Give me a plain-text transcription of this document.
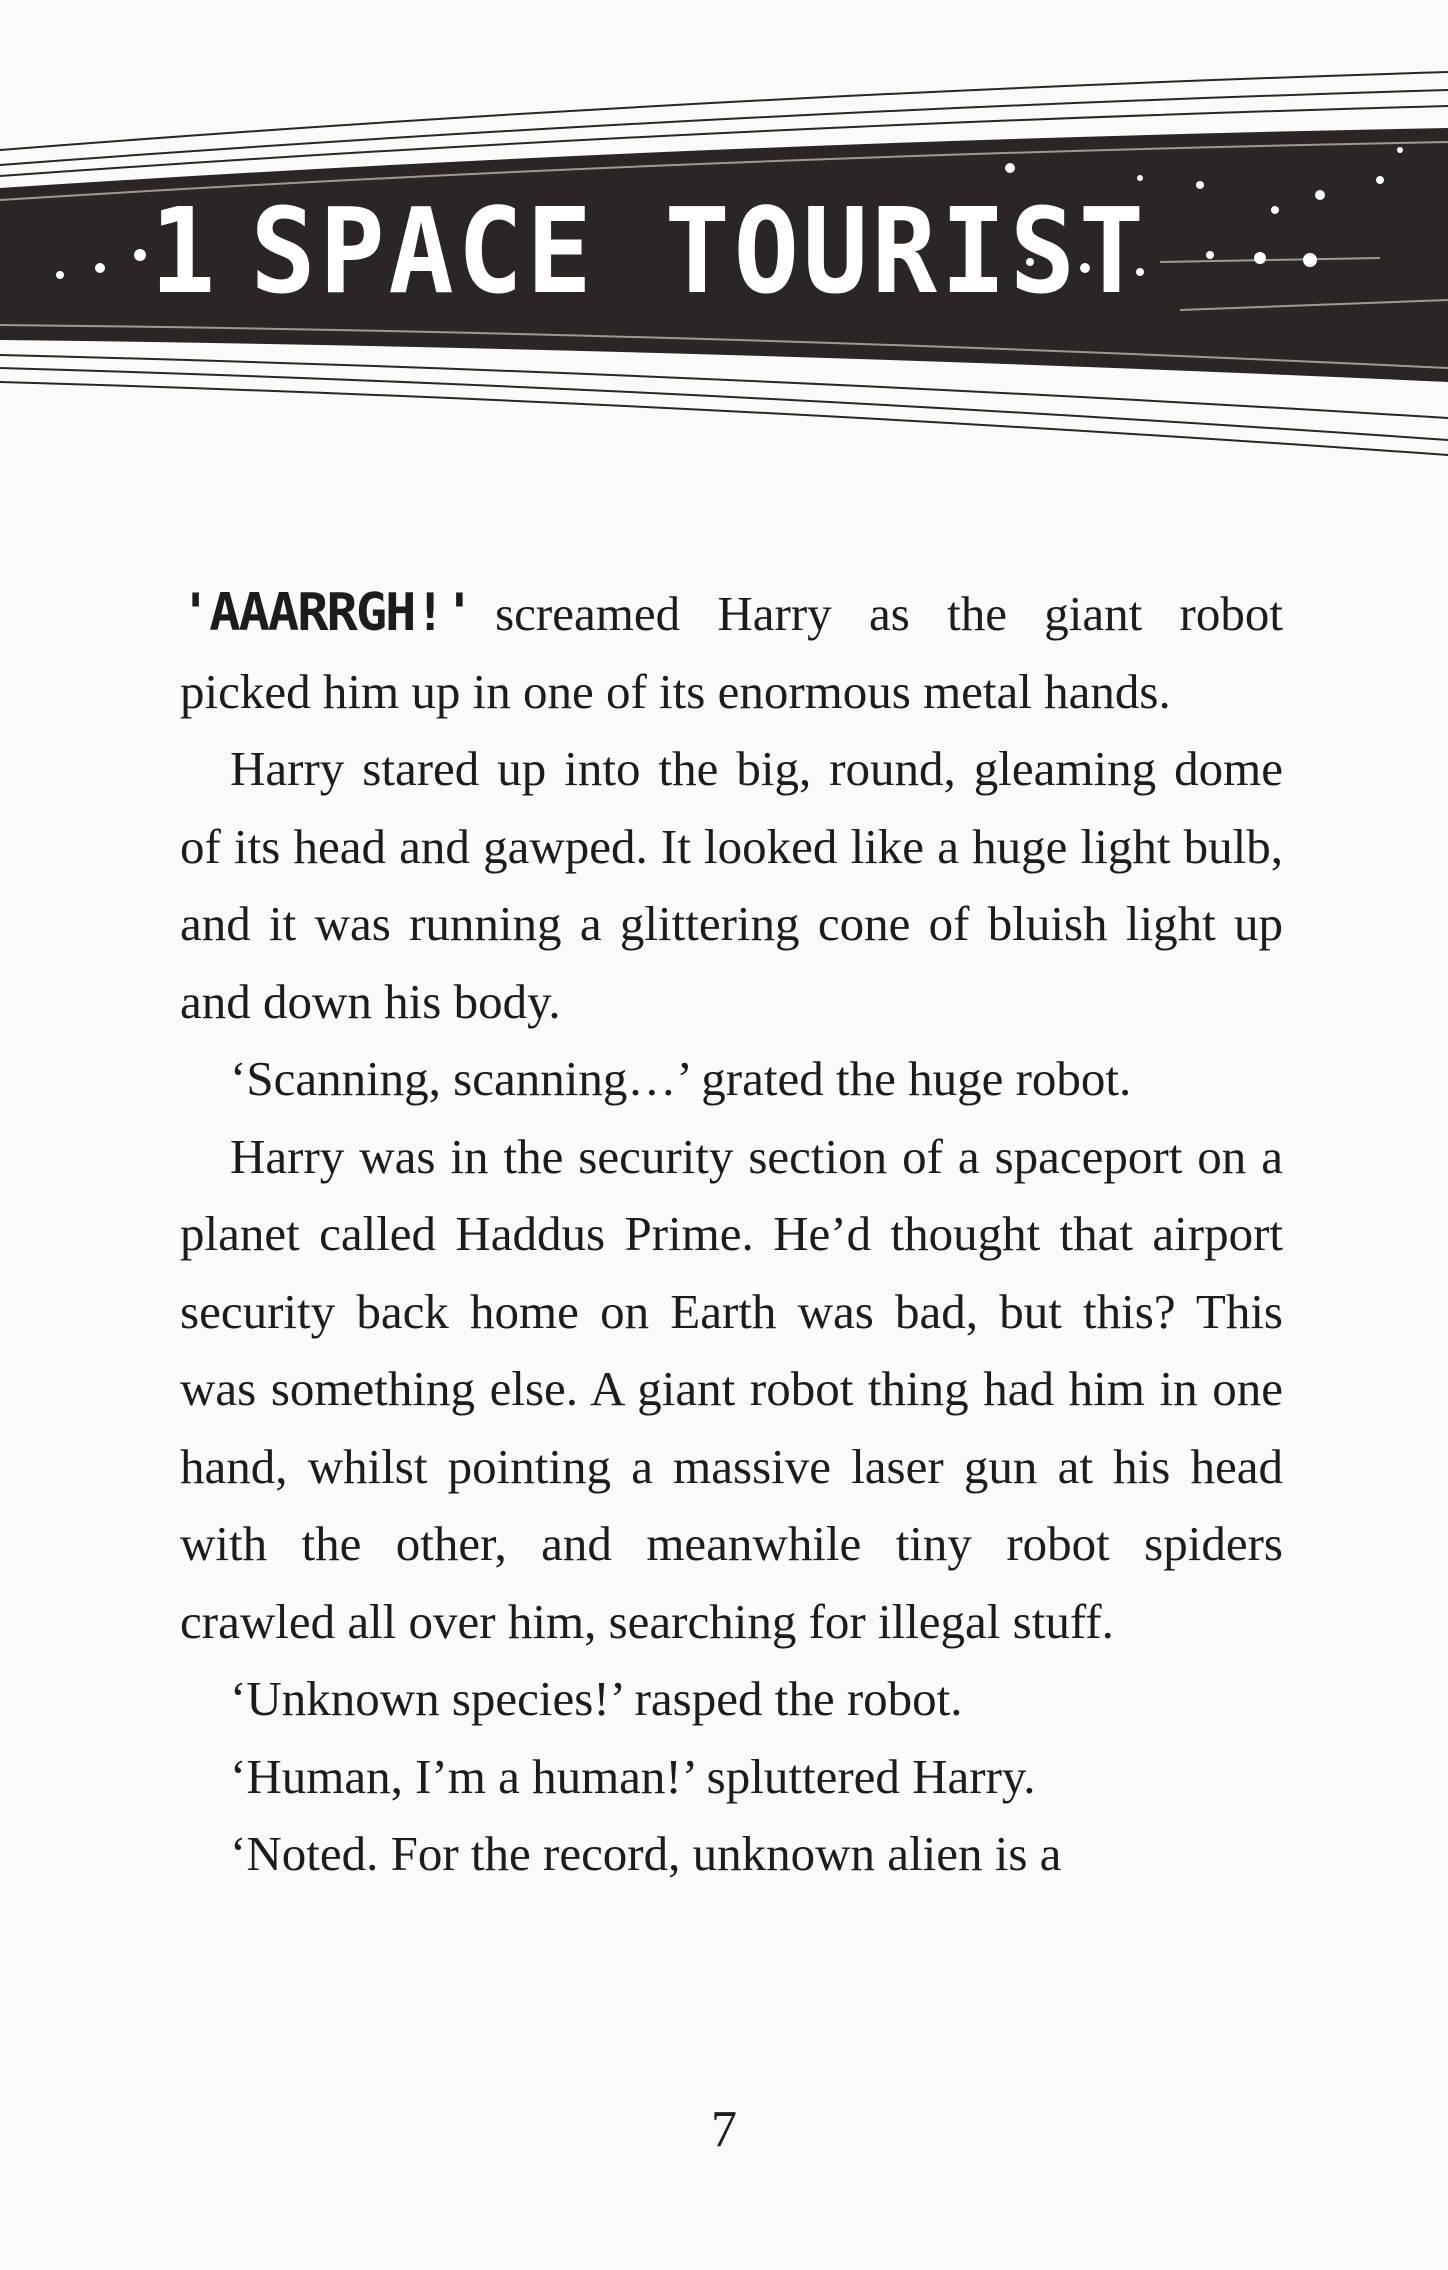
1 SPACE TOURIST

'AAARRGH!' screamed Harry as the giant robot picked him up in one of its enormous metal hands.

Harry stared up into the big, round, gleaming dome of its head and gawped. It looked like a huge light bulb, and it was running a glittering cone of bluish light up and down his body.

‘Scanning, scanning…’ grated the huge robot.

Harry was in the security section of a spaceport on a planet called Haddus Prime. He’d thought that airport security back home on Earth was bad, but this? This was something else. A giant robot thing had him in one hand, whilst pointing a massive laser gun at his head with the other, and meanwhile tiny robot spiders crawled all over him, searching for illegal stuff.

‘Unknown species!’ rasped the robot.

‘Human, I’m a human!’ spluttered Harry.

‘Noted. For the record, unknown alien is a

7
